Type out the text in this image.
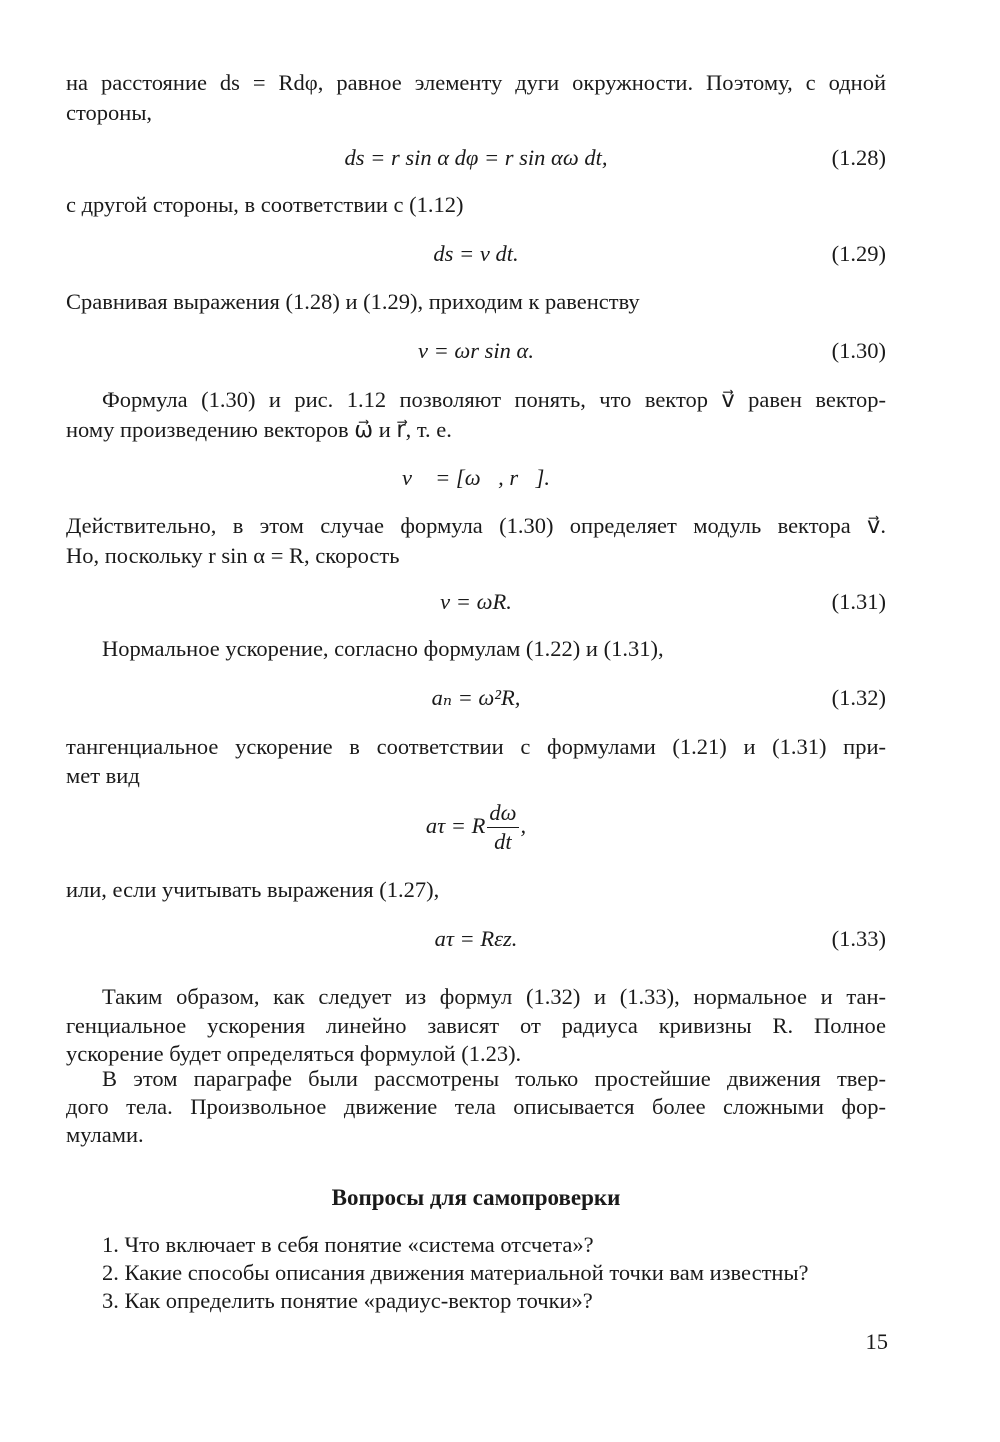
на расстояние ds = Rdφ, равное элементу дуги окружности. Поэтому, с одной
стороны,
ds = r sin α dφ = r sin αω dt,	(1.28)
с другой стороны, в соответствии с (1.12)
ds = v dt.	(1.29)
Сравнивая выражения (1.28) и (1.29), приходим к равенству
v = ωr sin α.	(1.30)
Формула (1.30) и рис. 1.12 позволяют понять, что вектор v⃗ равен вектор-
ному произведению векторов ω⃗ и r⃗, т. е.
v⃗ = [ω⃗, r⃗].
Действительно, в этом случае формула (1.30) определяет модуль вектора v⃗.
Но, поскольку r sin α = R, скорость
v = ωR.	(1.31)
Нормальное ускорение, согласно формулам (1.22) и (1.31),
aₙ = ω²R,	(1.32)
тангенциальное ускорение в соответствии с формулами (1.21) и (1.31) при-
мет вид
aτ = R $\frac{d\omega}{dt}$ ,
или, если учитывать выражения (1.27),
aτ = Rεz.	(1.33)
Таким образом, как следует из формул (1.32) и (1.33), нормальное и тан-
генциальное ускорения линейно зависят от радиуса кривизны R. Полное
ускорение будет определяться формулой (1.23).
В этом параграфе были рассмотрены только простейшие движения твер-
дого тела. Произвольное движение тела описывается более сложными фор-
мулами.
Вопросы для самопроверки
1. Что включает в себя понятие «система отсчета»?
2. Какие способы описания движения материальной точки вам известны?
3. Как определить понятие «радиус-вектор точки»?
15
